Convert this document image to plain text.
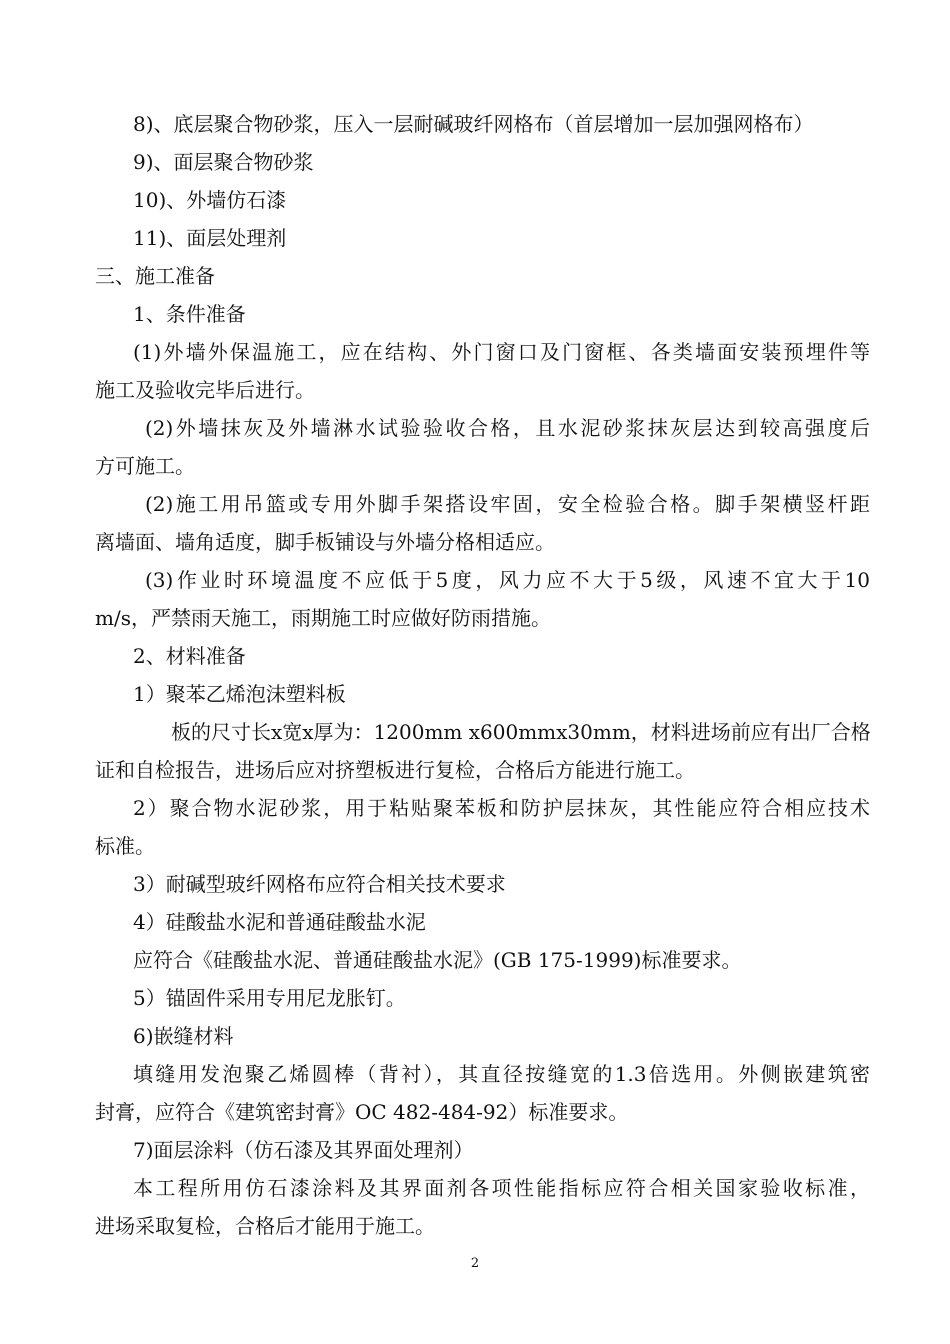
8)、底层聚合物砂浆，压入一层耐碱玻纤网格布（首层增加一层加强网格布）
9)、面层聚合物砂浆
10)、外墙仿石漆
11)、面层处理剂
三、施工准备
1、条件准备
(1)外墙外保温施工，应在结构、外门窗口及门窗框、各类墙面安装预埋件等
施工及验收完毕后进行。
(2)外墙抹灰及外墙淋水试验验收合格，且水泥砂浆抹灰层达到较高强度后
方可施工。
(2)施工用吊篮或专用外脚手架搭设牢固，安全检验合格。脚手架横竖杆距
离墙面、墙角适度，脚手板铺设与外墙分格相适应。
(3)作业时环境温度不应低于5度，风力应不大于5级，风速不宜大于10
m/s，严禁雨天施工，雨期施工时应做好防雨措施。
2、材料准备
1）聚苯乙烯泡沫塑料板
板的尺寸长x宽x厚为：1200mm x600mmx30mm，材料进场前应有出厂合格
证和自检报告，进场后应对挤塑板进行复检，合格后方能进行施工。
2）聚合物水泥砂浆，用于粘贴聚苯板和防护层抹灰，其性能应符合相应技术
标准。
3）耐碱型玻纤网格布应符合相关技术要求
4）硅酸盐水泥和普通硅酸盐水泥
应符合《硅酸盐水泥、普通硅酸盐水泥》(GB 175-1999)标准要求。
5）锚固件采用专用尼龙胀钉。
6)嵌缝材料
填缝用发泡聚乙烯圆棒（背衬），其直径按缝宽的1.3倍选用。外侧嵌建筑密
封膏，应符合《建筑密封膏》OC 482-484-92）标准要求。
7)面层涂料（仿石漆及其界面处理剂）
本工程所用仿石漆涂料及其界面剂各项性能指标应符合相关国家验收标准，
进场采取复检，合格后才能用于施工。
2
